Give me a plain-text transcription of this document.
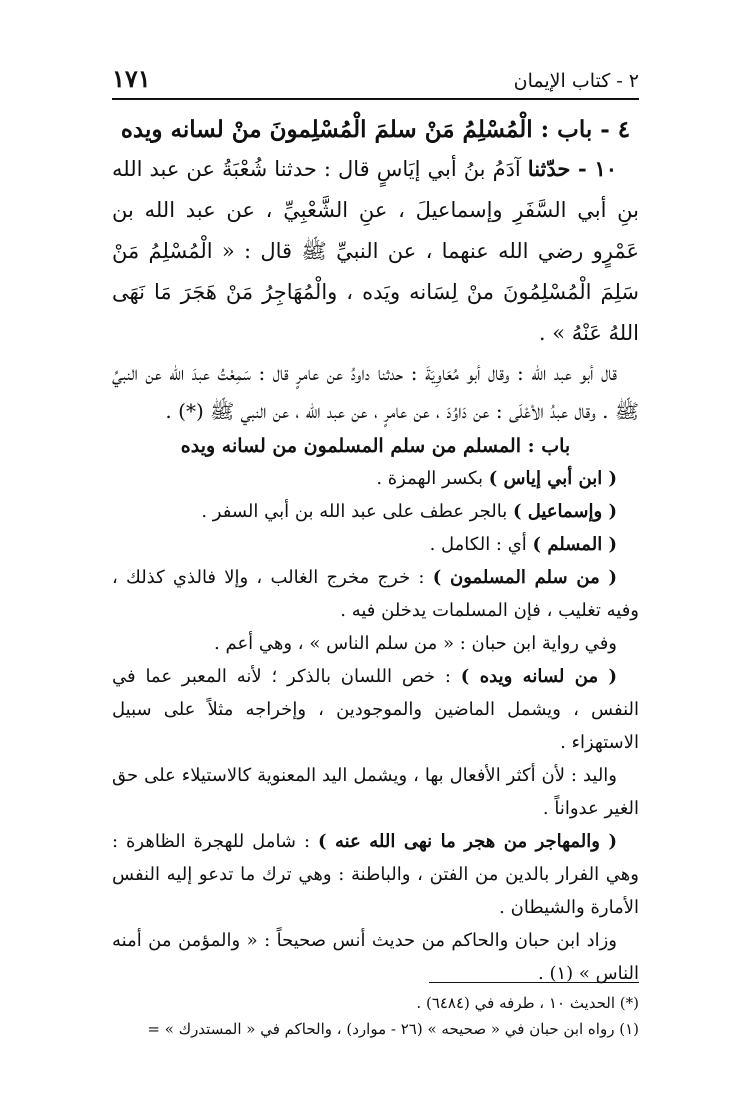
٢ - كتاب الإيمان
١٧١

٤ - باب : الْمُسْلِمُ مَنْ سلمَ الْمُسْلِمونَ منْ لسانه ويده

١٠ - حدّثنا آدَمُ بنُ أبي إيَاسٍ قال : حدثنا شُعْبَةُ عن عبد الله بنِ أبي السَّفَرِ وإسماعيلَ ، عنِ الشَّعْبِيِّ ، عن عبد الله بن عَمْرٍو رضي الله عنهما ، عن النبيِّ ﷺ قال : « الْمُسْلِمُ مَنْ سَلِمَ الْمُسْلِمُونَ منْ لِسَانه ويَده ، والْمُهَاجِرُ مَنْ هَجَرَ مَا نَهَى اللهُ عَنْهُ » .

قال أبو عبد الله : وقال أبو مُعَاوِيَةَ : حدثنا داودُ عن عامرٍ قال : سَمِعْتُ عبدَ الله عن النبيِّ ﷺ . وقال عبدُ الأعْلَى : عن دَاوُدَ ، عن عامرٍ ، عن عبد الله ، عن النبي ﷺ (*) .

باب : المسلم من سلم المسلمون من لسانه ويده

( ابن أبي إياس ) بكسر الهمزة .

( وإسماعيل ) بالجر عطف على عبد الله بن أبي السفر .

( المسلم ) أي : الكامل .

( من سلم المسلمون ) : خرج مخرج الغالب ، وإلا فالذي كذلك ، وفيه تغليب ، فإن المسلمات يدخلن فيه .

وفي رواية ابن حبان : « من سلم الناس » ، وهي أعم .

( من لسانه ويده ) : خص اللسان بالذكر ؛ لأنه المعبر عما في النفس ، ويشمل الماضين والموجودين ، وإخراجه مثلاً على سبيل الاستهزاء .

واليد : لأن أكثر الأفعال بها ، ويشمل اليد المعنوية كالاستيلاء على حق الغير عدواناً .

( والمهاجر من هجر ما نهى الله عنه ) : شامل للهجرة الظاهرة : وهي الفرار بالدين من الفتن ، والباطنة : وهي ترك ما تدعو إليه النفس الأمارة والشيطان .

وزاد ابن حبان والحاكم من حديث أنس صحيحاً : « والمؤمن من أمنه الناس » (١) .

(*) الحديث ١٠ ، طرفه في (٦٤٨٤) .

(١) رواه ابن حبان في « صحيحه » (٢٦ - موارد) ، والحاكم في « المستدرك » =
